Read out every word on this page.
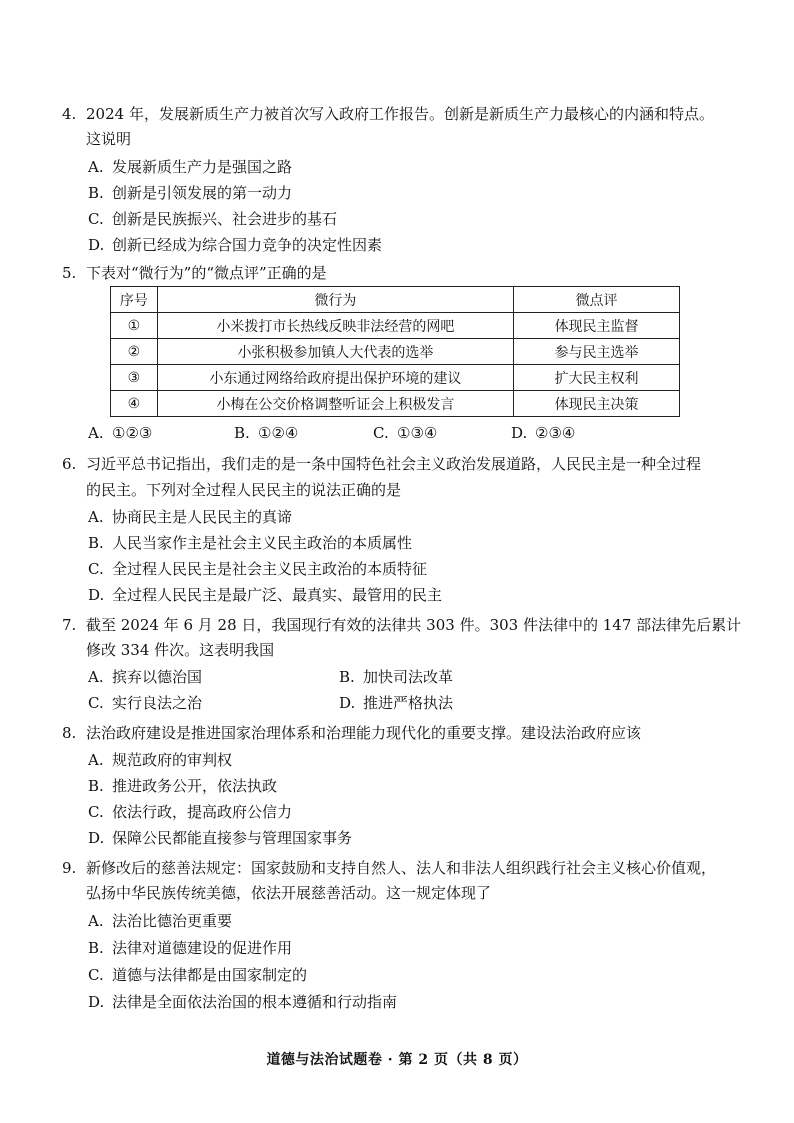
4. 2024 年，发展新质生产力被首次写入政府工作报告。创新是新质生产力最核心的内涵和特点。
这说明
A. 发展新质生产力是强国之路
B. 创新是引领发展的第一动力
C. 创新是民族振兴、社会进步的基石
D. 创新已经成为综合国力竞争的决定性因素
5. 下表对“微行为”的“微点评”正确的是
序号	微行为	微点评
①	小米拨打市长热线反映非法经营的网吧	体现民主监督
②	小张积极参加镇人大代表的选举	参与民主选举
③	小东通过网络给政府提出保护环境的建议	扩大民主权利
④	小梅在公交价格调整听证会上积极发言	体现民主决策
A. ①②③	B. ①②④	C. ①③④	D. ②③④
6. 习近平总书记指出，我们走的是一条中国特色社会主义政治发展道路，人民民主是一种全过程
的民主。下列对全过程人民民主的说法正确的是
A. 协商民主是人民民主的真谛
B. 人民当家作主是社会主义民主政治的本质属性
C. 全过程人民民主是社会主义民主政治的本质特征
D. 全过程人民民主是最广泛、最真实、最管用的民主
7. 截至 2024 年 6 月 28 日，我国现行有效的法律共 303 件。303 件法律中的 147 部法律先后累计
修改 334 件次。这表明我国
A. 摈弃以德治国	B. 加快司法改革
C. 实行良法之治	D. 推进严格执法
8. 法治政府建设是推进国家治理体系和治理能力现代化的重要支撑。建设法治政府应该
A. 规范政府的审判权
B. 推进政务公开，依法执政
C. 依法行政，提高政府公信力
D. 保障公民都能直接参与管理国家事务
9. 新修改后的慈善法规定：国家鼓励和支持自然人、法人和非法人组织践行社会主义核心价值观，
弘扬中华民族传统美德，依法开展慈善活动。这一规定体现了
A. 法治比德治更重要
B. 法律对道德建设的促进作用
C. 道德与法律都是由国家制定的
D. 法律是全面依法治国的根本遵循和行动指南
道德与法治试题卷 · 第 2 页（共 8 页）
